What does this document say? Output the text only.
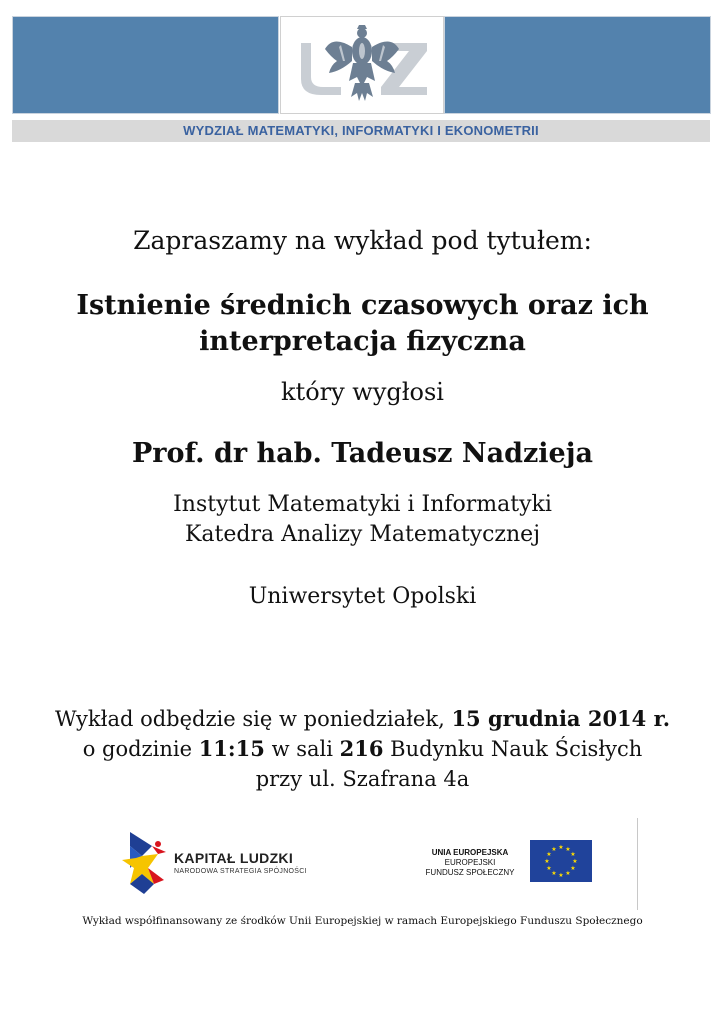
WYDZIAŁ MATEMATYKI, INFORMATYKI I EKONOMETRII
Zapraszamy na wykład pod tytułem:
Istnienie średnich czasowych oraz ich
interpretacja fizyczna
który wygłosi
Prof. dr hab. Tadeusz Nadzieja
Instytut Matematyki i Informatyki
Katedra Analizy Matematycznej
Uniwersytet Opolski
Wykład odbędzie się w poniedziałek, 15 grudnia 2014 r.
o godzinie 11:15 w sali 216 Budynku Nauk Ścisłych
przy ul. Szafrana 4a
KAPITAŁ LUDZKI
NARODOWA STRATEGIA SPÓJNOŚCI
UNIA EUROPEJSKA
EUROPEJSKI
FUNDUSZ SPOŁECZNY
★ ★
★
★
★
★
★
★
★
★
★
★
Wykład współfinansowany ze środków Unii Europejskiej w ramach Europejskiego Funduszu Społecznego
